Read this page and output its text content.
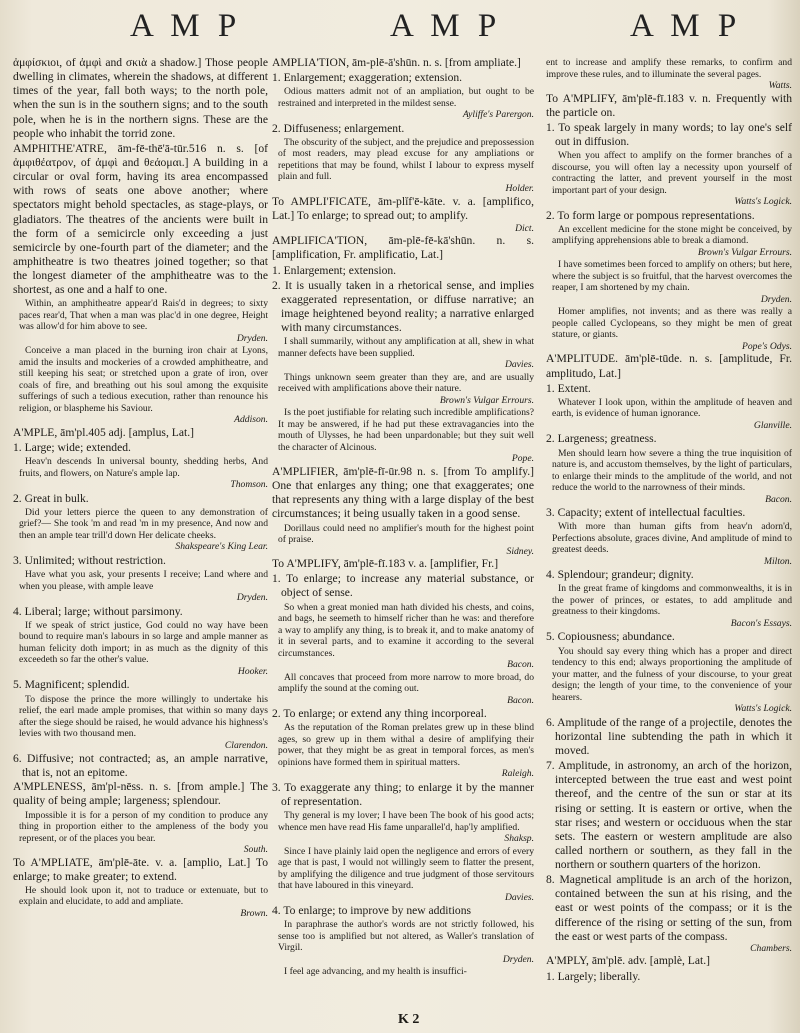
A M P	A M P	A M P
ἀμφίσκιοι, of ἀμφὶ and σκιὰ a shadow.] Those people dwelling in climates, wherein the shadows, at different times of the year, fall both ways; to the north pole, when the sun is in the southern signs; and to the south pole, when he is in the northern signs. These are the people who inhabit the torrid zone.
AMPHITHE'ATRE, ām-fē-thē'ā-tūr.516 n. s. [of ἀμφιθέατρον, of ἀμφὶ and θεάομαι.] A building in a circular or oval form, having its area encompassed with rows of seats one above another; where spectators might behold spectacles, as stage-plays, or gladiators. The theatres of the ancients were built in the form of a semicircle only exceeding a just semicircle by one-fourth part of the diameter; and the amphitheatre is two theatres joined together; so that the longest diameter of the amphitheatre was to the shortest, as one and a half to one.
Within, an amphitheatre appear'd Rais'd in degrees; to sixty paces rear'd, That when a man was plac'd in one degree, Height was allow'd for him above to see.
Dryden.
Conceive a man placed in the burning iron chair at Lyons, amid the insults and mockeries of a crowded amphitheatre, and still keeping his seat; or stretched upon a grate of iron, over coals of fire, and breathing out his soul among the exquisite sufferings of such a tedious execution, rather than renounce his religion, or blaspheme his Saviour.
Addison.
A'MPLE, ām'pl.405 adj. [amplus, Lat.]
1. Large; wide; extended.
Heav'n descends In universal bounty, shedding herbs, And fruits, and flowers, on Nature's ample lap.
Thomson.
2. Great in bulk.
Did your letters pierce the queen to any demonstration of grief?— She took 'm and read 'm in my presence, And now and then an ample tear trill'd down Her delicate cheeks.
Shakspeare's King Lear.
3. Unlimited; without restriction.
Have what you ask, your presents I receive; Land where and when you please, with ample leave
Dryden.
4. Liberal; large; without parsimony.
If we speak of strict justice, God could no way have been bound to require man's labours in so large and ample manner as human felicity doth import; in as much as the dignity of this exceedeth so far the other's value.
Hooker.
5. Magnificent; splendid.
To dispose the prince the more willingly to undertake his relief, the earl made ample promises, that within so many days after the siege should be raised, he would advance his highness's levies with two thousand men.
Clarendon.
6. Diffusive; not contracted; as, an ample narrative, that is, not an epitome.
A'MPLENESS, ām'pl-nēss. n. s. [from ample.] The quality of being ample; largeness; splendour.
Impossible it is for a person of my condition to produce any thing in proportion either to the ampleness of the body you represent, or of the places you bear.
South.
To A'MPLIATE, ām'plē-āte. v. a. [amplio, Lat.] To enlarge; to make greater; to extend.
He should look upon it, not to traduce or extenuate, but to explain and elucidate, to add and ampliate.
Brown.
AMPLIA'TION, ām-plē-ā'shūn. n. s. [from ampliate.]
1. Enlargement; exaggeration; extension.
Odious matters admit not of an ampliation, but ought to be restrained and interpreted in the mildest sense.
Ayliffe's Parergon.
2. Diffuseness; enlargement.
The obscurity of the subject, and the prejudice and prepossession of most readers, may plead excuse for any ampliations or repetitions that may be found, whilst I labour to express myself plain and full.
Holder.
To AMPLI'FICATE, ām-plĭf'ē-kāte. v. a. [amplifico, Lat.] To enlarge; to spread out; to amplify.
Dict.
AMPLIFICA'TION, ām-plē-fē-kā'shūn. n. s. [amplification, Fr. amplificatio, Lat.]
1. Enlargement; extension.
2. It is usually taken in a rhetorical sense, and implies exaggerated representation, or diffuse narrative; an image heightened beyond reality; a narrative enlarged with many circumstances.
I shall summarily, without any amplification at all, shew in what manner defects have been supplied.
Davies.
Things unknown seem greater than they are, and are usually received with amplifications above their nature.
Brown's Vulgar Errours.
Is the poet justifiable for relating such incredible amplifications? It may be answered, if he had put these extravagancies into the mouth of Ulysses, he had been unpardonable; but they suit well the character of Alcinous.
Pope.
A'MPLIFIER, ām'plē-fī-ūr.98 n. s. [from To amplify.] One that enlarges any thing; one that exaggerates; one that represents any thing with a large display of the best circumstances; it being usually taken in a good sense.
Dorillaus could need no amplifier's mouth for the highest point of praise.
Sidney.
To A'MPLIFY, ām'plē-fī.183 v. a. [amplifier, Fr.]
1. To enlarge; to increase any material substance, or object of sense.
So when a great monied man hath divided his chests, and coins, and bags, he seemeth to himself richer than he was: and therefore a way to amplify any thing, is to break it, and to make anatomy of it in several parts, and to examine it according to the several circumstances.
Bacon.
All concaves that proceed from more narrow to more broad, do amplify the sound at the coming out.
Bacon.
2. To enlarge; or extend any thing incorporeal.
As the reputation of the Roman prelates grew up in these blind ages, so grew up in them withal a desire of amplifying their power, that they might be as great in temporal forces, as men's opinions have formed them in spiritual matters.
Raleigh.
3. To exaggerate any thing; to enlarge it by the manner of representation.
Thy general is my lover; I have been The book of his good acts; whence men have read His fame unparallel'd, hap'ly amplified.
Shaksp.
Since I have plainly laid open the negligence and errors of every age that is past, I would not willingly seem to flatter the present, by amplifying the diligence and true judgment of those servitours that have laboured in this vineyard.
Davies.
4. To enlarge; to improve by new additions
In paraphrase the author's words are not strictly followed, his sense too is amplified but not altered, as Waller's translation of Virgil.
Dryden.
I feel age advancing, and my health is insuffici-
ent to increase and amplify these remarks, to confirm and improve these rules, and to illuminate the several pages.
Watts.
To A'MPLIFY, ām'plē-fī.183 v. n. Frequently with the particle on.
1. To speak largely in many words; to lay one's self out in diffusion.
When you affect to amplify on the former branches of a discourse, you will often lay a necessity upon yourself of contracting the latter, and prevent yourself in the most important part of your design.
Watts's Logick.
2. To form large or pompous representations.
An excellent medicine for the stone might be conceived, by amplifying apprehensions able to break a diamond.
Brown's Vulgar Errours.
I have sometimes been forced to amplify on others; but here, where the subject is so fruitful, that the harvest overcomes the reaper, I am shortened by my chain.
Dryden.
Homer amplifies, not invents; and as there was really a people called Cyclopeans, so they might be men of great stature, or giants.
Pope's Odys.
A'MPLITUDE. ām'plē-tūde. n. s. [amplitude, Fr. amplitudo, Lat.]
1. Extent.
Whatever I look upon, within the amplitude of heaven and earth, is evidence of human ignorance.
Glanville.
2. Largeness; greatness.
Men should learn how severe a thing the true inquisition of nature is, and accustom themselves, by the light of particulars, to enlarge their minds to the amplitude of the world, and not reduce the world to the narrowness of their minds.
Bacon.
3. Capacity; extent of intellectual faculties.
With more than human gifts from heav'n adorn'd, Perfections absolute, graces divine, And amplitude of mind to greatest deeds.
Milton.
4. Splendour; grandeur; dignity.
In the great frame of kingdoms and commonwealths, it is in the power of princes, or estates, to add amplitude and greatness to their kingdoms.
Bacon's Essays.
5. Copiousness; abundance.
You should say every thing which has a proper and direct tendency to this end; always proportioning the amplitude of your matter, and the fulness of your discourse, to your great design; the length of your time, to the convenience of your hearers.
Watts's Logick.
6. Amplitude of the range of a projectile, denotes the horizontal line subtending the path in which it moved.
7. Amplitude, in astronomy, an arch of the horizon, intercepted between the true east and west point thereof, and the centre of the sun or star at its rising or setting. It is eastern or ortive, when the star rises; and western or occiduous when the star sets. The eastern or western amplitude are also called northern or southern, as they fall in the northern or southern quarters of the horizon.
8. Magnetical amplitude is an arch of the horizon, contained between the sun at his rising, and the east or west points of the compass; or it is the difference of the rising or setting of the sun, from the east or west parts of the compass.
Chambers.
A'MPLY, ām'plē. adv. [amplè, Lat.]
1. Largely; liberally.
K 2
